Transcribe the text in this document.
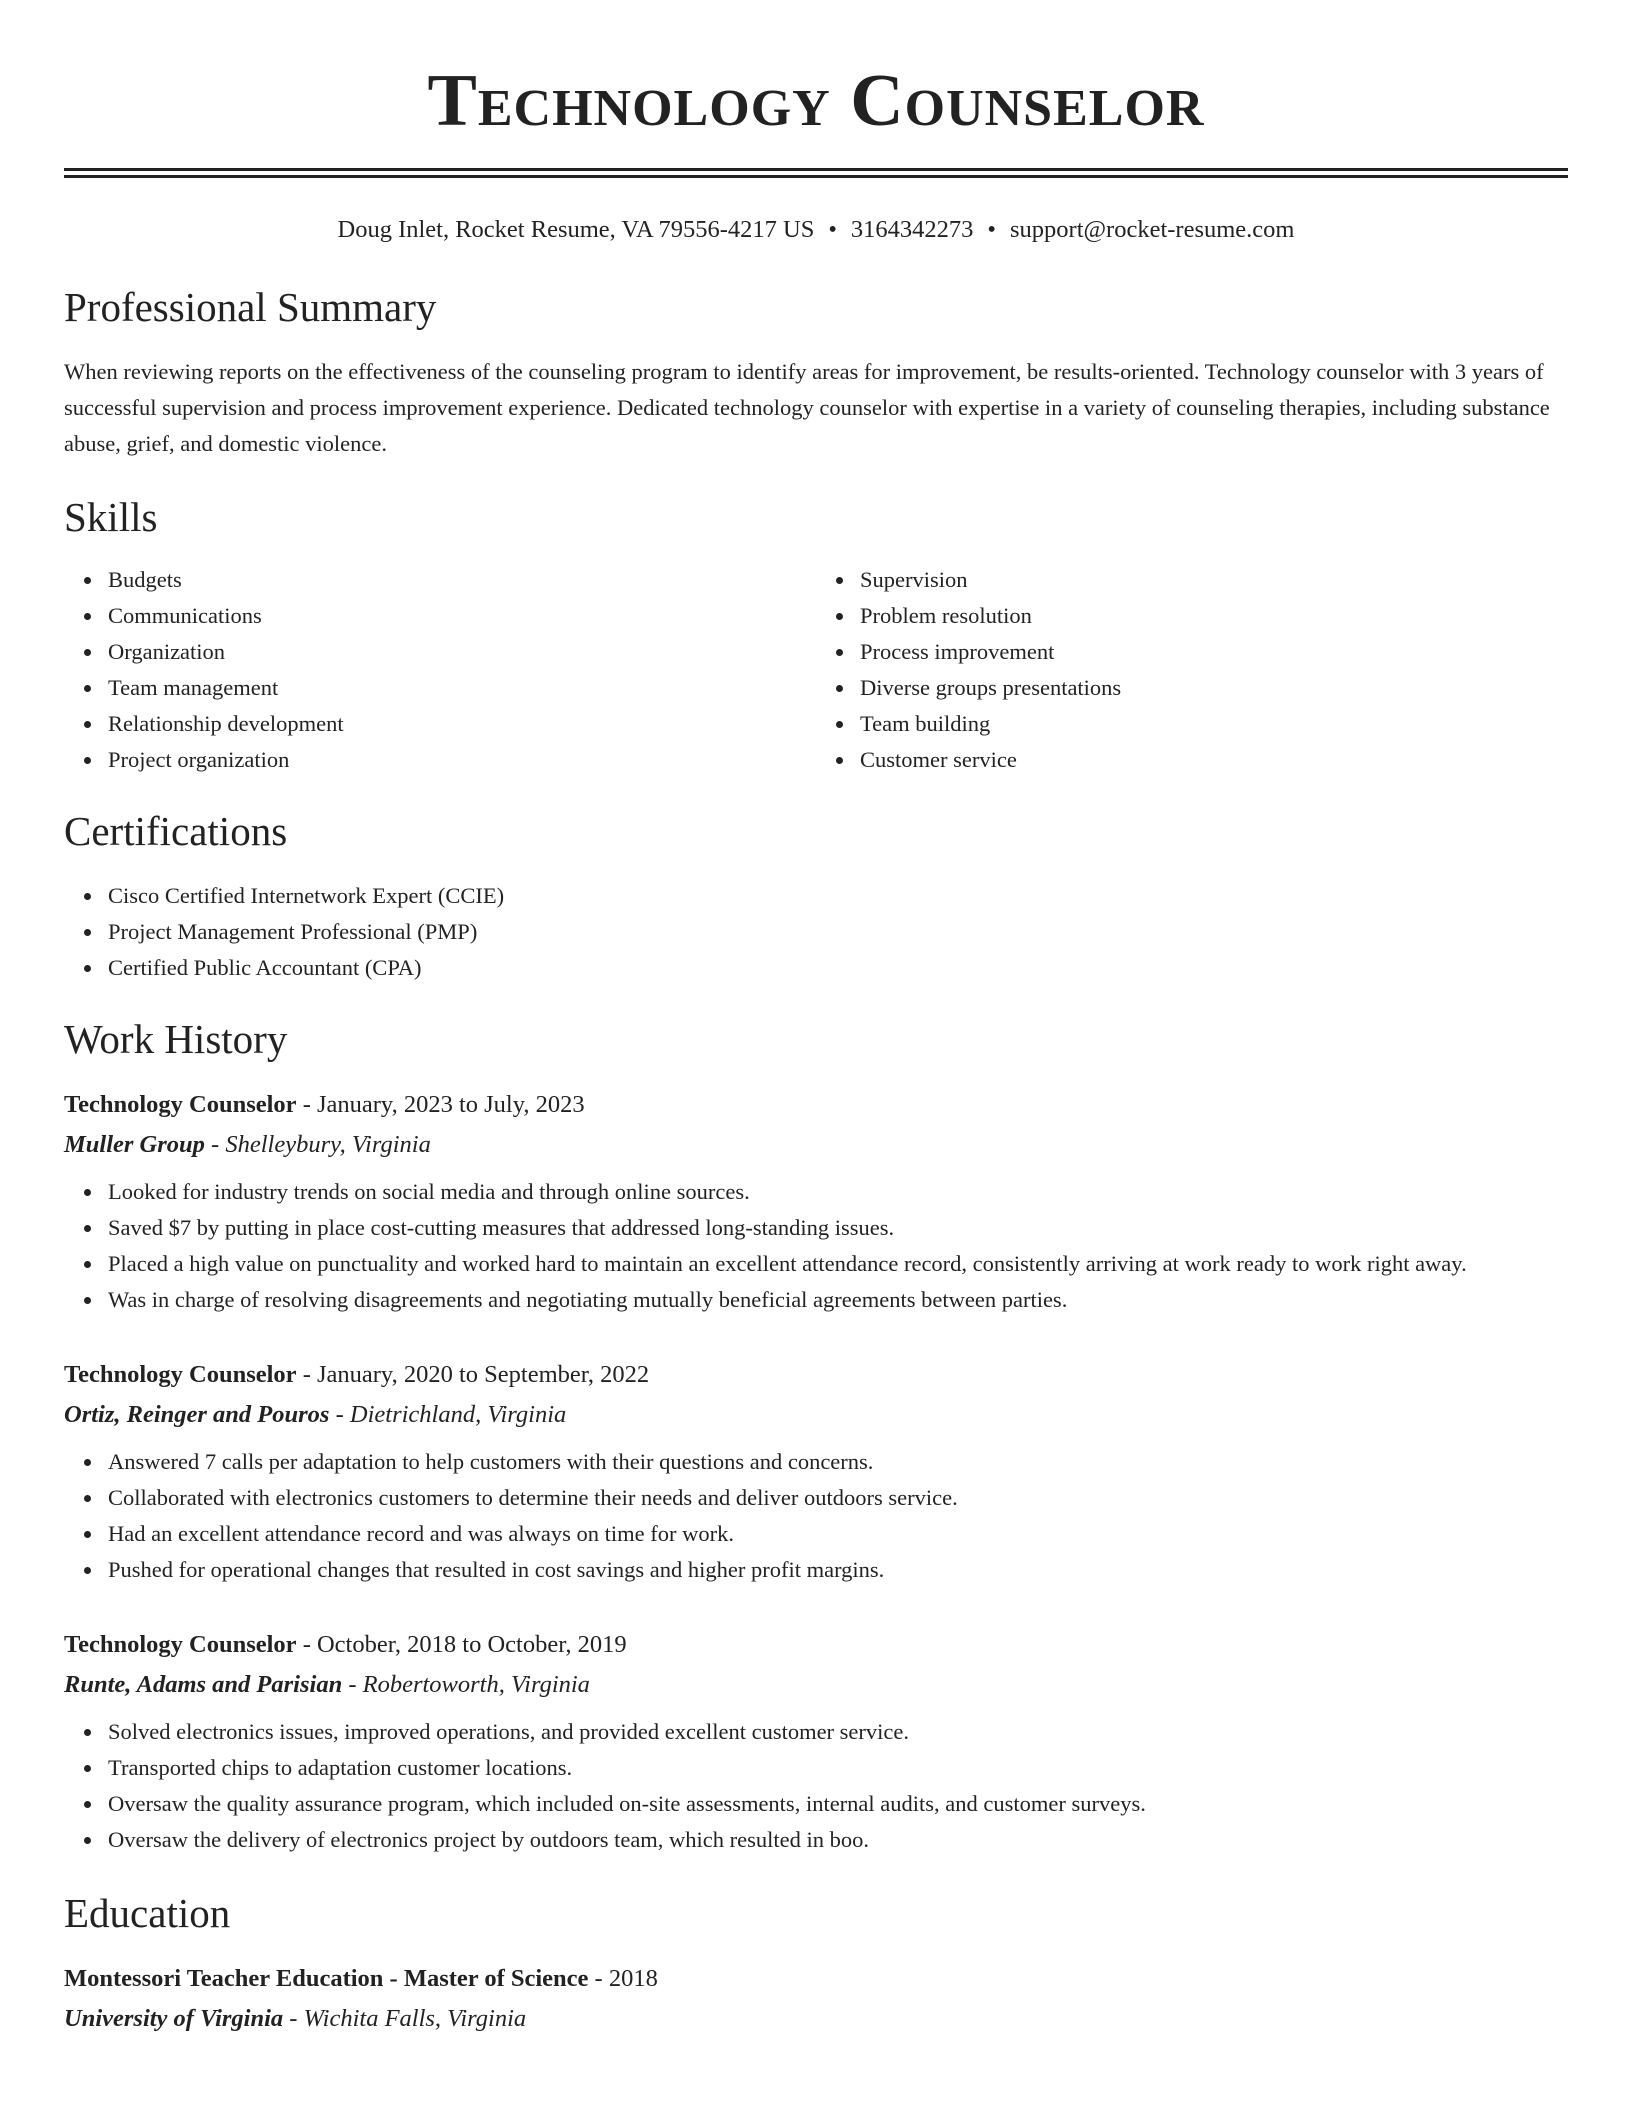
Technology Counselor
Doug Inlet, Rocket Resume, VA 79556-4217 US • 3164342273 • support@rocket-resume.com
Professional Summary

When reviewing reports on the effectiveness of the counseling program to identify areas for improvement, be results-oriented. Technology counselor with 3 years of successful supervision and process improvement experience. Dedicated technology counselor with expertise in a variety of counseling therapies, including substance abuse, grief, and domestic violence.

Skills
Budgets
Communications
Organization
Team management
Relationship development
Project organization
Supervision
Problem resolution
Process improvement
Diverse groups presentations
Team building
Customer service
Certifications
Cisco Certified Internetwork Expert (CCIE)
Project Management Professional (PMP)
Certified Public Accountant (CPA)
Work History
Technology Counselor - January, 2023 to July, 2023
Muller Group - Shelleybury, Virginia
Looked for industry trends on social media and through online sources.
Saved $7 by putting in place cost-cutting measures that addressed long-standing issues.
Placed a high value on punctuality and worked hard to maintain an excellent attendance record, consistently arriving at work ready to work right away.
Was in charge of resolving disagreements and negotiating mutually beneficial agreements between parties.
Technology Counselor - January, 2020 to September, 2022
Ortiz, Reinger and Pouros - Dietrichland, Virginia
Answered 7 calls per adaptation to help customers with their questions and concerns.
Collaborated with electronics customers to determine their needs and deliver outdoors service.
Had an excellent attendance record and was always on time for work.
Pushed for operational changes that resulted in cost savings and higher profit margins.
Technology Counselor - October, 2018 to October, 2019
Runte, Adams and Parisian - Robertoworth, Virginia
Solved electronics issues, improved operations, and provided excellent customer service.
Transported chips to adaptation customer locations.
Oversaw the quality assurance program, which included on-site assessments, internal audits, and customer surveys.
Oversaw the delivery of electronics project by outdoors team, which resulted in boo.
Education
Montessori Teacher Education - Master of Science - 2018
University of Virginia - Wichita Falls, Virginia
